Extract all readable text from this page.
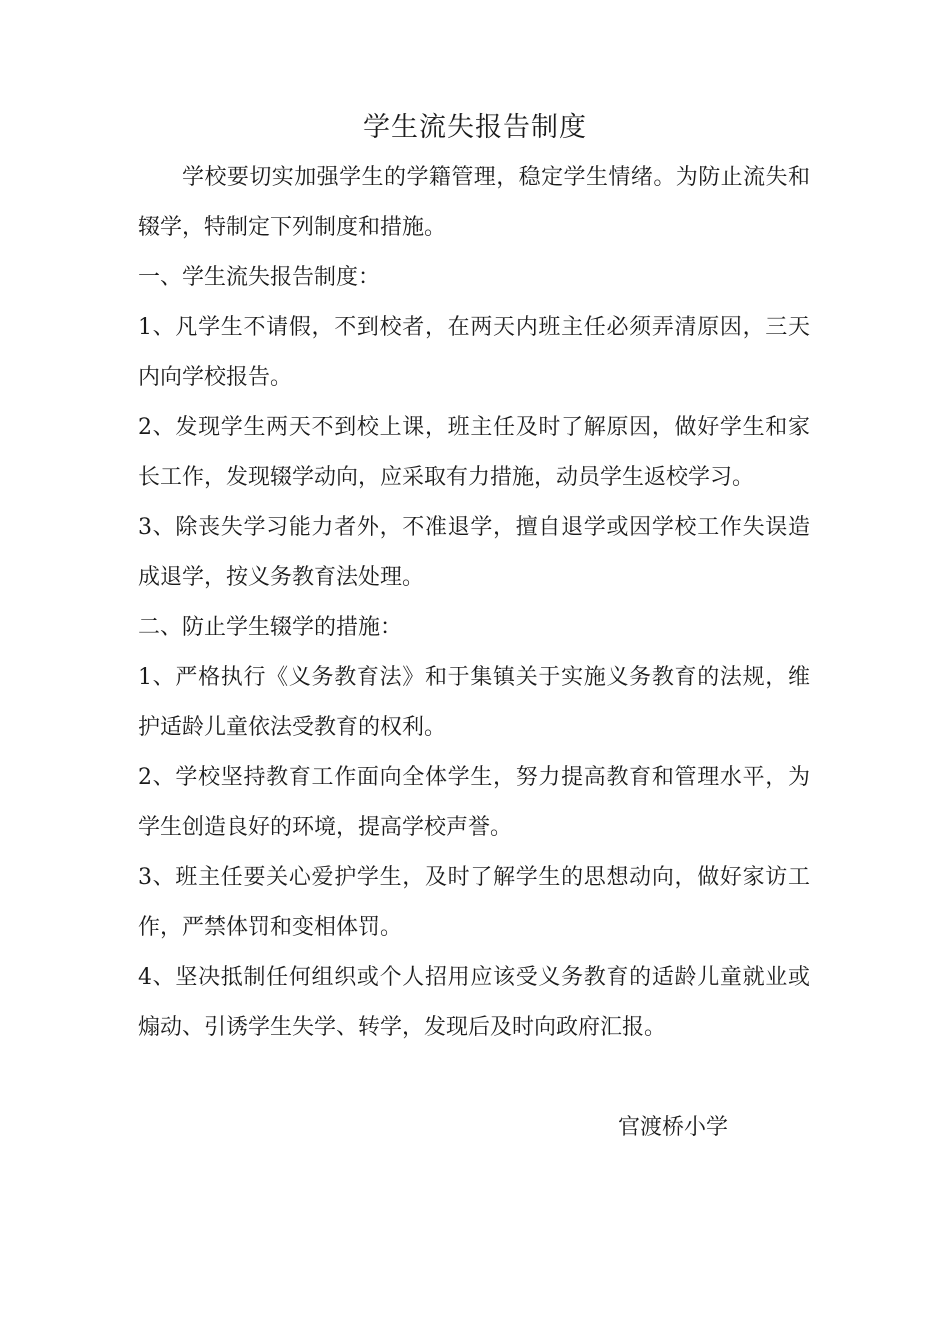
学生流失报告制度

学校要切实加强学生的学籍管理，稳定学生情绪。为防止流失和辍学，特制定下列制度和措施。

一、学生流失报告制度：

1、凡学生不请假，不到校者，在两天内班主任必须弄清原因，三天内向学校报告。

2、发现学生两天不到校上课，班主任及时了解原因，做好学生和家长工作，发现辍学动向，应采取有力措施，动员学生返校学习。

3、除丧失学习能力者外，不准退学，擅自退学或因学校工作失误造成退学，按义务教育法处理。

二、防止学生辍学的措施：

1、严格执行《义务教育法》和于集镇关于实施义务教育的法规，维护适龄儿童依法受教育的权利。

2、学校坚持教育工作面向全体学生，努力提高教育和管理水平，为学生创造良好的环境，提高学校声誉。

3、班主任要关心爱护学生，及时了解学生的思想动向，做好家访工作，严禁体罚和变相体罚。

4、坚决抵制任何组织或个人招用应该受义务教育的适龄儿童就业或煽动、引诱学生失学、转学，发现后及时向政府汇报。

官渡桥小学
